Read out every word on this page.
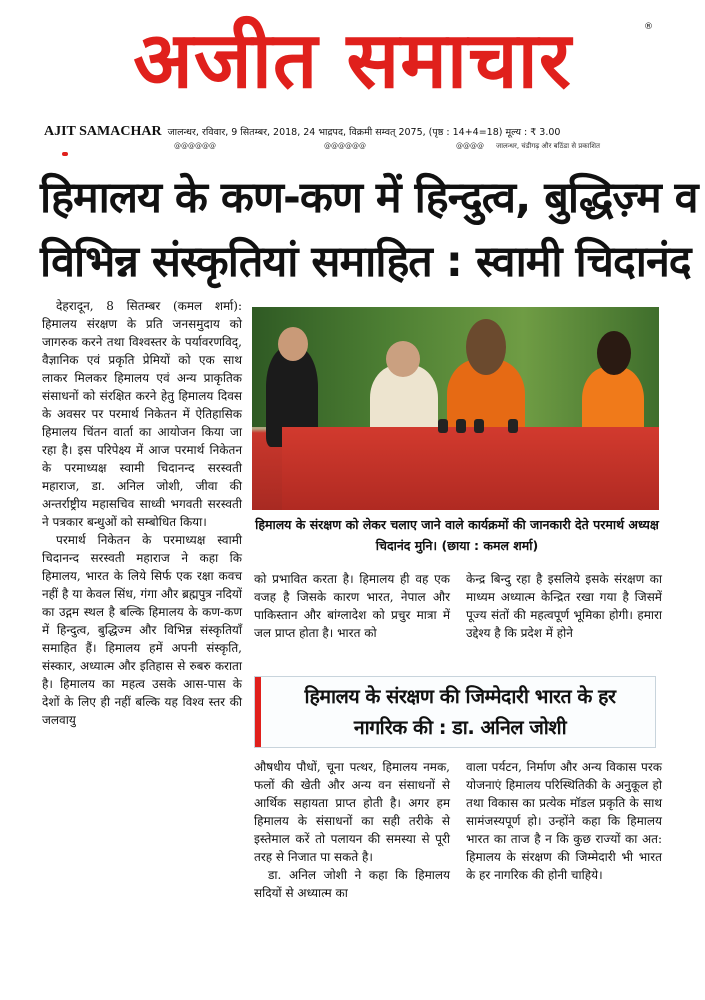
अजीत समाचार	®
AJIT SAMACHAR जालन्धर, रविवार, 9 सितम्बर, 2018, 24 भाद्रपद, विक्रमी सम्वत् 2075, (पृष्ठ : 14+4=18) मूल्य : ₹ 3.00
@@@@@@	@@@@@@	@@@@ जालन्धर, चंडीगढ़ और बठिंडा से प्रकाशित
हिमालय के कण-कण में हिन्दुत्व, बुद्धिज़्म व
विभिन्न संस्कृतियां समाहित : स्वामी चिदानंद

देहरादून, 8 सितम्बर (कमल शर्मा): हिमालय संरक्षण के प्रति जनसमुदाय को जागरुक करने तथा विश्वस्तर के पर्यावरणविद्, वैज्ञानिक एवं प्रकृति प्रेमियों को एक साथ लाकर मिलकर हिमालय एवं अन्य प्राकृतिक संसाधनों को संरक्षित करने हेतु हिमालय दिवस के अवसर पर परमार्थ निकेतन में ऐतिहासिक हिमालय चिंतन वार्ता का आयोजन किया जा रहा है। इस परिपेक्ष्य में आज परमार्थ निकेतन के परमाध्यक्ष स्वामी चिदानन्द सरस्वती महाराज, डा. अनिल जोशी, जीवा की अन्तर्राष्ट्रीय महासचिव साध्वी भगवती सरस्वती ने पत्रकार बन्धुओं को सम्बोधित किया।

परमार्थ निकेतन के परमाध्यक्ष स्वामी चिदानन्द सरस्वती महाराज ने कहा कि हिमालय, भारत के लिये सिर्फ एक रक्षा कवच नहीं है या केवल सिंध, गंगा और ब्रह्मपुत्र नदियों का उद्गम स्थल है बल्कि हिमालय के कण-कण में हिन्दुत्व, बुद्धिज्म और विभिन्न संस्कृतियाँ समाहित हैं। हिमालय हमें अपनी संस्कृति, संस्कार, अध्यात्म और इतिहास से रुबरु कराता है। हिमालय का महत्व उसके आस-पास के देशों के लिए ही नहीं बल्कि यह विश्व स्तर की जलवायु

हिमालय के संरक्षण को लेकर चलाए जाने वाले कार्यक्रमों की जानकारी देते परमार्थ अध्यक्ष चिदानंद मुनि। (छाया : कमल शर्मा)

को प्रभावित करता है। हिमालय ही वह एक वजह है जिसके कारण भारत, नेपाल और पाकिस्तान और बांग्लादेश को प्रचुर मात्रा में जल प्राप्त होता है। भारत को

केन्द्र बिन्दु रहा है इसलिये इसके संरक्षण का माध्यम अध्यात्म केन्द्रित रखा गया है जिसमें पूज्य संतों की महत्वपूर्ण भूमिका होगी। हमारा उद्देश्य है कि प्रदेश में होने

हिमालय के संरक्षण की जिम्मेदारी भारत के हर
नागरिक की : डा. अनिल जोशी

औषधीय पौधों, चूना पत्थर, हिमालय नमक, फलों की खेती और अन्य वन संसाधनों से आर्थिक सहायता प्राप्त होती है। अगर हम हिमालय के संसाधनों का सही तरीके से इस्तेमाल करें तो पलायन की समस्या से पूरी तरह से निजात पा सकते है।

डा. अनिल जोशी ने कहा कि हिमालय सदियों से अध्यात्म का

वाला पर्यटन, निर्माण और अन्य विकास परक योजनाएं हिमालय परिस्थितिकी के अनुकूल हो तथा विकास का प्रत्येक मॉडल प्रकृति के साथ सामंजस्यपूर्ण हो। उन्होंने कहा कि हिमालय भारत का ताज है न कि कुछ राज्यों का अत: हिमालय के संरक्षण की जिम्मेदारी भी भारत के हर नागरिक की होनी चाहिये।
